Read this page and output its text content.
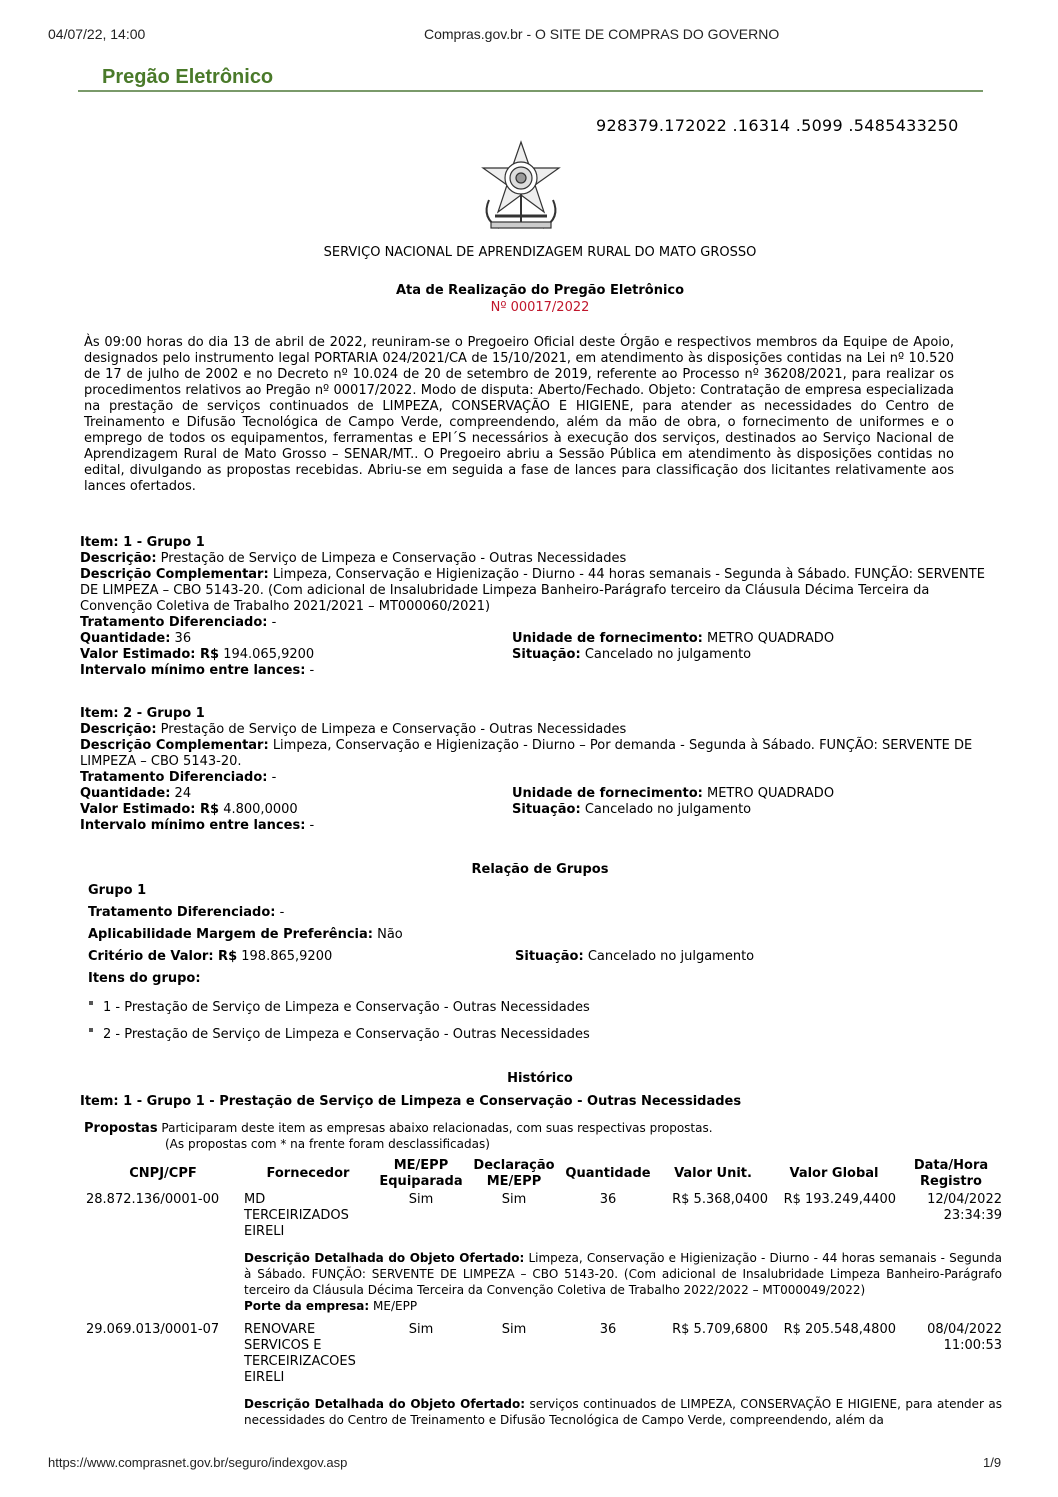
04/07/22, 14:00	Compras.gov.br - O SITE DE COMPRAS DO GOVERNO
Pregão Eletrônico
928379.172022 .16314 .5099 .5485433250
SERVIÇO NACIONAL DE APRENDIZAGEM RURAL DO MATO GROSSO
Ata de Realização do Pregão Eletrônico
Nº 00017/2022
Às 09:00 horas do dia 13 de abril de 2022, reuniram-se o Pregoeiro Oficial deste Órgão e respectivos membros da Equipe de Apoio, designados pelo instrumento legal PORTARIA 024/2021/CA de 15/10/2021, em atendimento às disposições contidas na Lei nº 10.520 de 17 de julho de 2002 e no Decreto nº 10.024 de 20 de setembro de 2019, referente ao Processo nº 36208/2021, para realizar os procedimentos relativos ao Pregão nº 00017/2022. Modo de disputa: Aberto/Fechado. Objeto: Contratação de empresa especializada na prestação de serviços continuados de LIMPEZA, CONSERVAÇÃO E HIGIENE, para atender as necessidades do Centro de Treinamento e Difusão Tecnológica de Campo Verde, compreendendo, além da mão de obra, o fornecimento de uniformes e o emprego de todos os equipamentos, ferramentas e EPI´S necessários à execução dos serviços, destinados ao Serviço Nacional de Aprendizagem Rural de Mato Grosso – SENAR/MT.. O Pregoeiro abriu a Sessão Pública em atendimento às disposições contidas no edital, divulgando as propostas recebidas. Abriu-se em seguida a fase de lances para classificação dos licitantes relativamente aos lances ofertados.
Item: 1 - Grupo 1
Descrição: Prestação de Serviço de Limpeza e Conservação - Outras Necessidades
Descrição Complementar: Limpeza, Conservação e Higienização - Diurno - 44 horas semanais - Segunda à Sábado. FUNÇÃO: SERVENTE DE LIMPEZA – CBO 5143-20. (Com adicional de Insalubridade Limpeza Banheiro-Parágrafo terceiro da Cláusula Décima Terceira da Convenção Coletiva de Trabalho 2021/2021 – MT000060/2021)
Tratamento Diferenciado: -
Quantidade: 36	Unidade de fornecimento: METRO QUADRADO
Valor Estimado: R$ 194.065,9200	Situação: Cancelado no julgamento
Intervalo mínimo entre lances: -
Item: 2 - Grupo 1
Descrição: Prestação de Serviço de Limpeza e Conservação - Outras Necessidades
Descrição Complementar: Limpeza, Conservação e Higienização - Diurno – Por demanda - Segunda à Sábado. FUNÇÃO: SERVENTE DE LIMPEZA – CBO 5143-20.
Tratamento Diferenciado: -
Quantidade: 24	Unidade de fornecimento: METRO QUADRADO
Valor Estimado: R$ 4.800,0000	Situação: Cancelado no julgamento
Intervalo mínimo entre lances: -
Relação de Grupos
Grupo 1
Tratamento Diferenciado: -
Aplicabilidade Margem de Preferência: Não
Critério de Valor: R$ 198.865,9200	Situação: Cancelado no julgamento
Itens do grupo:
1 - Prestação de Serviço de Limpeza e Conservação - Outras Necessidades
2 - Prestação de Serviço de Limpeza e Conservação - Outras Necessidades
Histórico
Item: 1 - Grupo 1 - Prestação de Serviço de Limpeza e Conservação - Outras Necessidades
Propostas Participaram deste item as empresas abaixo relacionadas, com suas respectivas propostas.
(As propostas com * na frente foram desclassificadas)
CNPJ/CPF	Fornecedor	ME/EPP Equiparada	Declaração ME/EPP	Quantidade	Valor Unit.	Valor Global	Data/Hora Registro
28.872.136/0001-00	MD TERCEIRIZADOS EIRELI	Sim	Sim	36	R$ 5.368,0400	R$ 193.249,4400	12/04/2022
23:34:39

	Descrição Detalhada do Objeto Ofertado: Limpeza, Conservação e Higienização - Diurno - 44 horas semanais - Segunda à Sábado. FUNÇÃO: SERVENTE DE LIMPEZA – CBO 5143-20. (Com adicional de Insalubridade Limpeza Banheiro-Parágrafo terceiro da Cláusula Décima Terceira da Convenção Coletiva de Trabalho 2022/2022 – MT000049/2022)
Porte da empresa: ME/EPP						
29.069.013/0001-07	RENOVARE SERVICOS E TERCEIRIZACOES EIRELI	Sim	Sim	36	R$ 5.709,6800	R$ 205.548,4800	08/04/2022
11:00:53

	Descrição Detalhada do Objeto Ofertado: serviços continuados de LIMPEZA, CONSERVAÇÃO E HIGIENE, para atender as necessidades do Centro de Treinamento e Difusão Tecnológica de Campo Verde, compreendendo, além da						
https://www.comprasnet.gov.br/seguro/indexgov.asp	1/9
